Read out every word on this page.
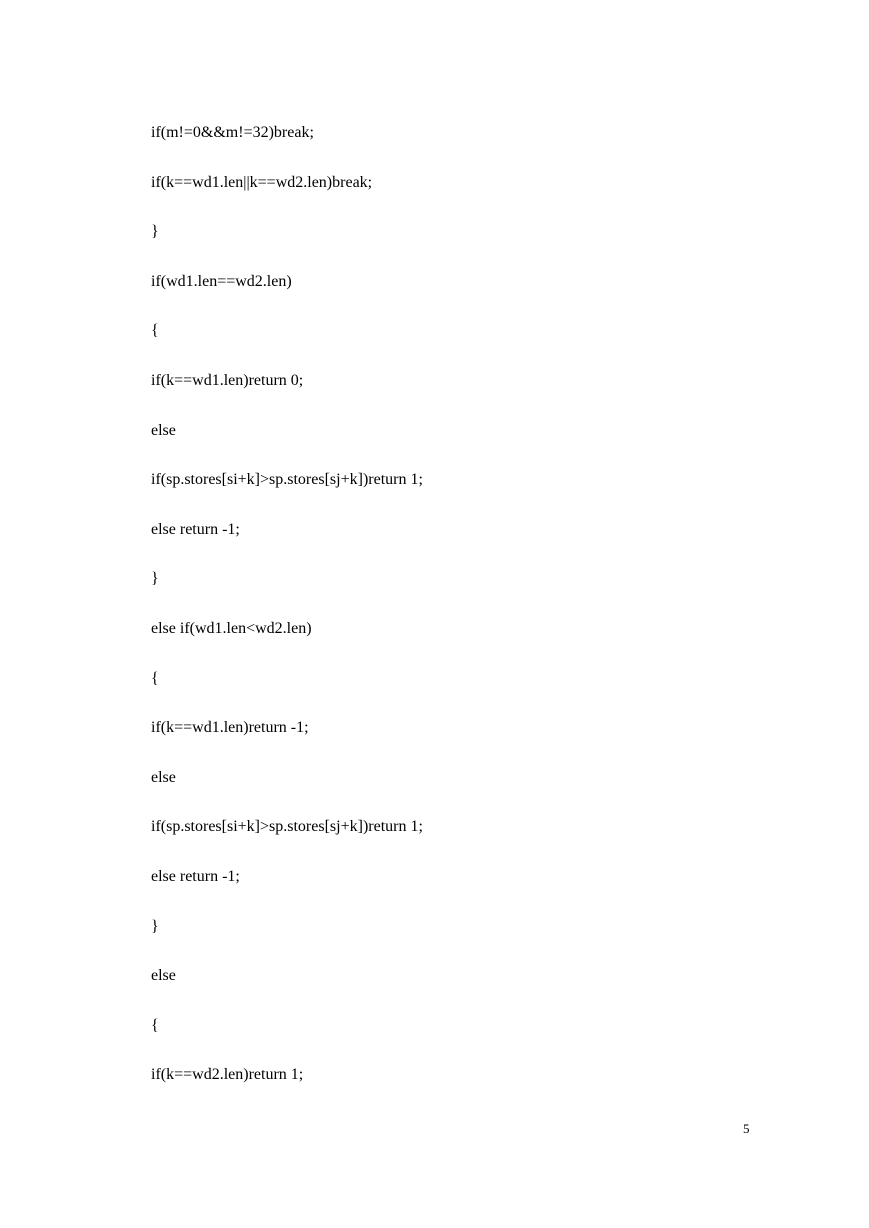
if(m!=0&&m!=32)break;
if(k==wd1.len||k==wd2.len)break;
}
if(wd1.len==wd2.len)
{
if(k==wd1.len)return 0;
else
if(sp.stores[si+k]>sp.stores[sj+k])return 1;
else return -1;
}
else if(wd1.len<wd2.len)
{
if(k==wd1.len)return -1;
else
if(sp.stores[si+k]>sp.stores[sj+k])return 1;
else return -1;
}
else
{
if(k==wd2.len)return 1;
5
